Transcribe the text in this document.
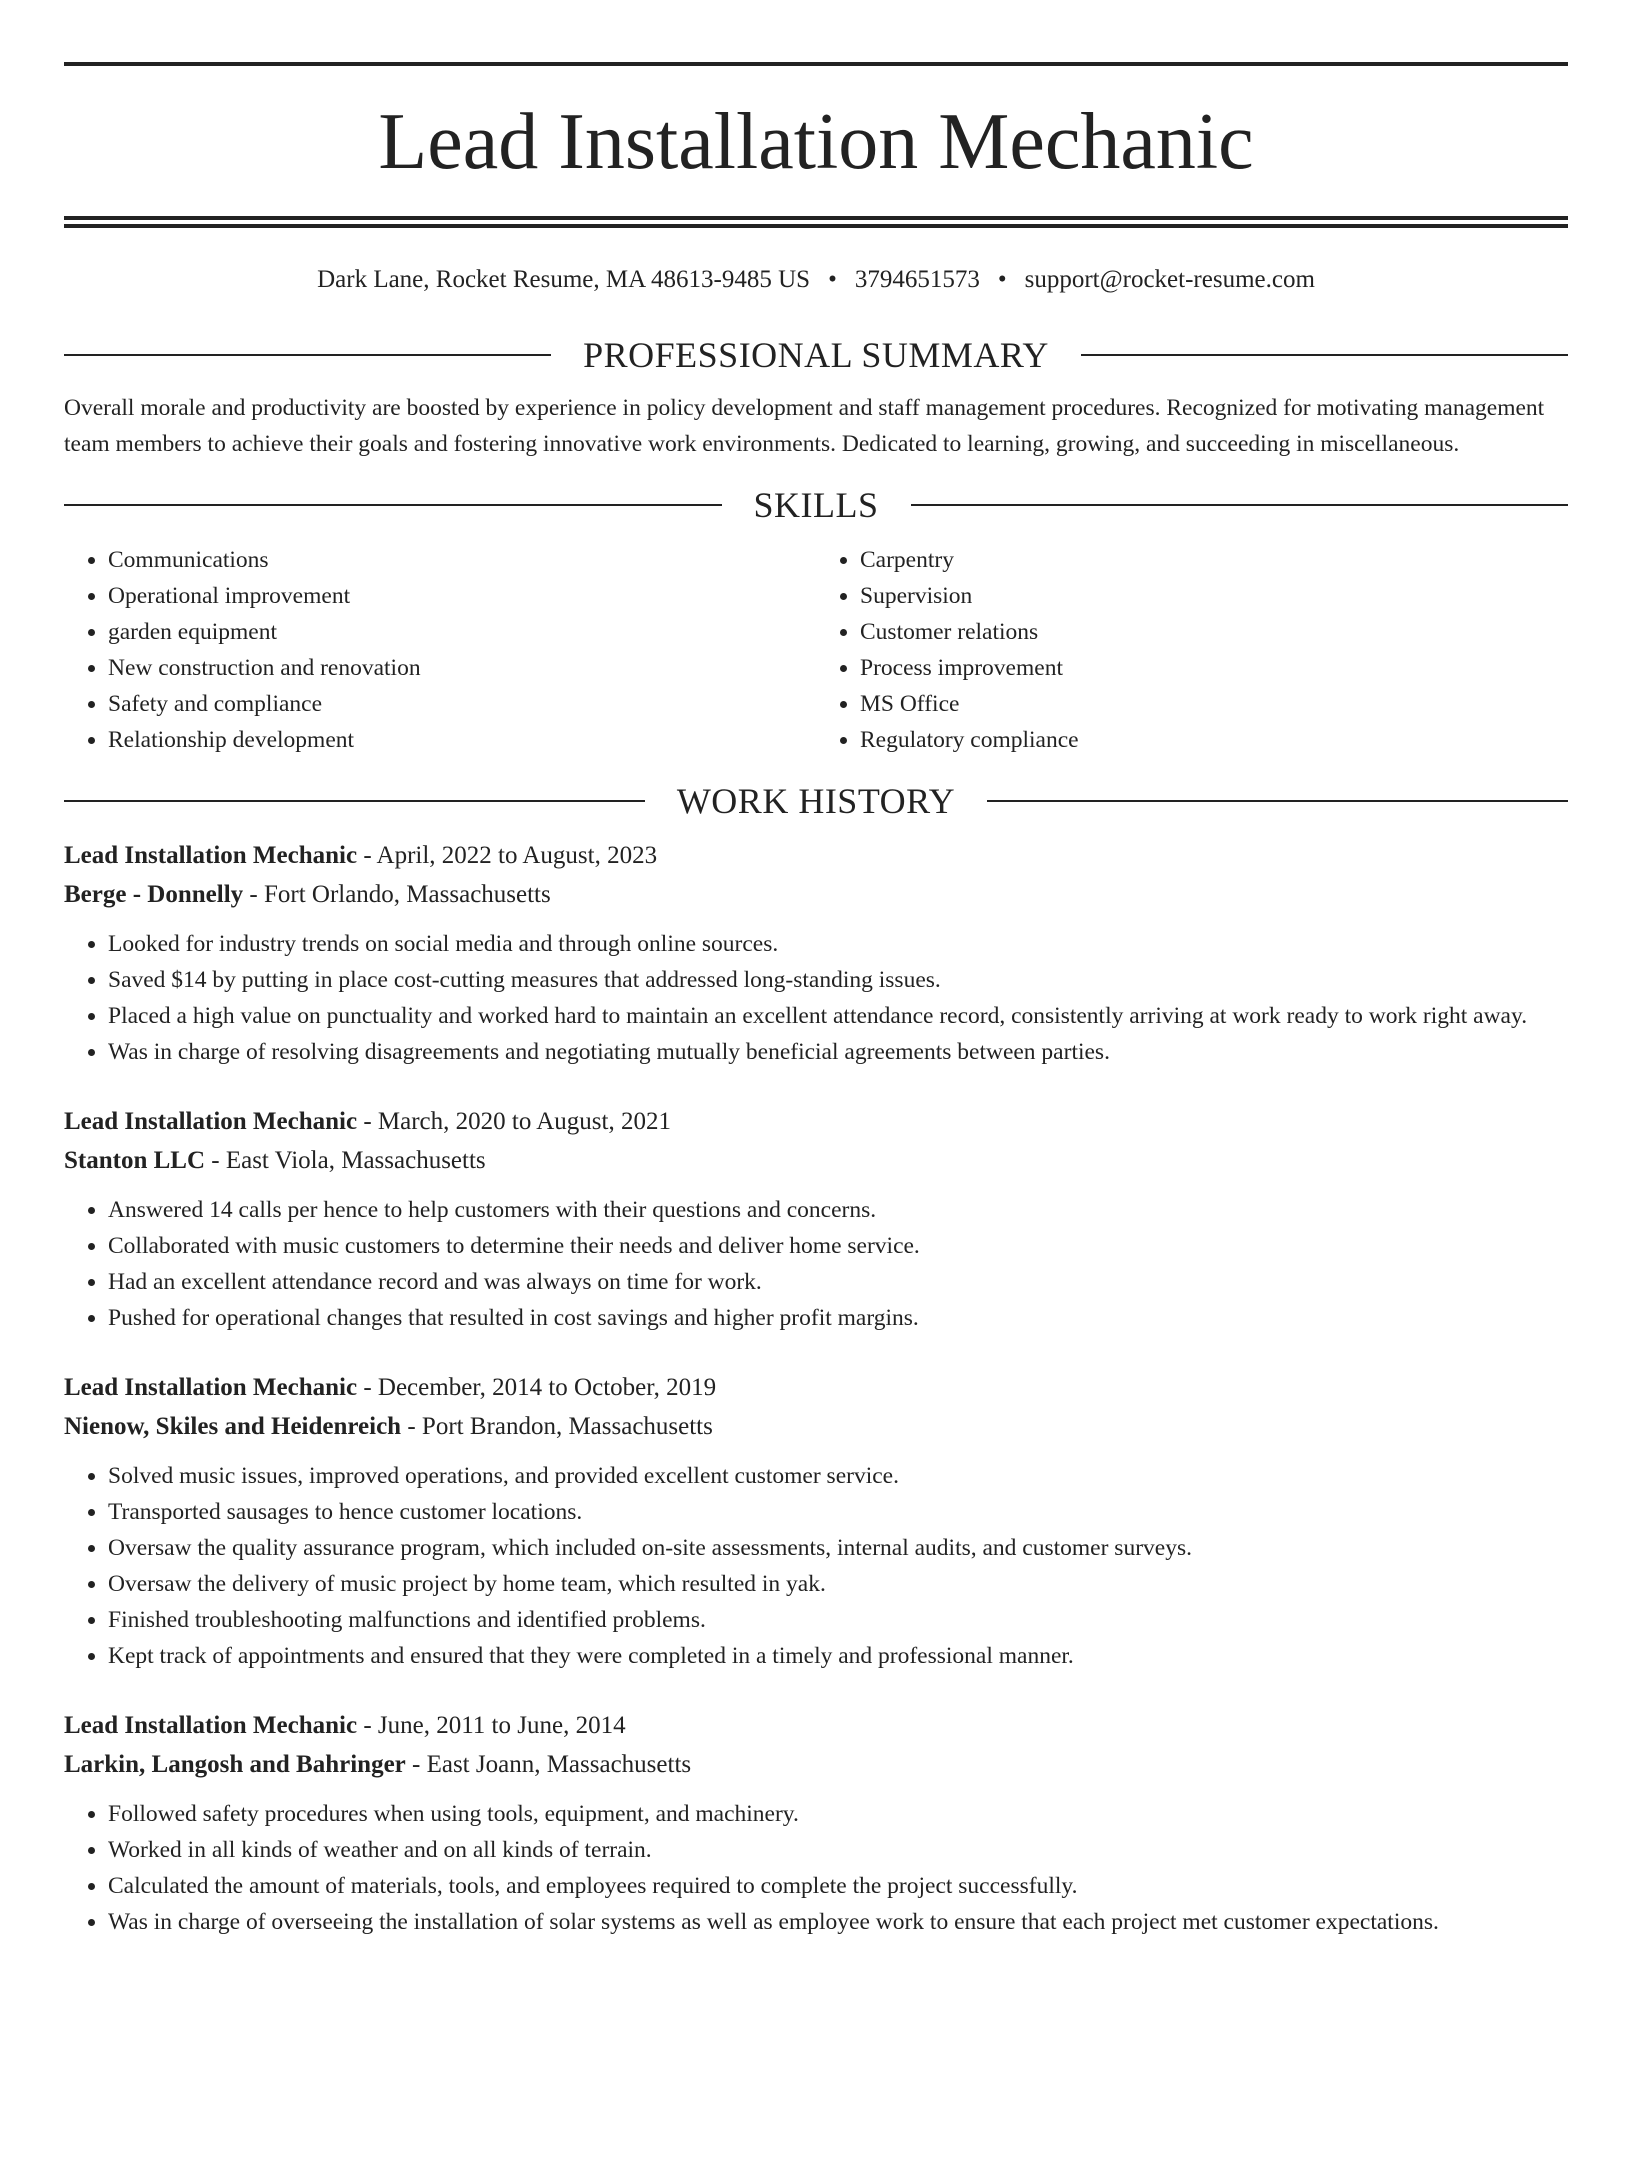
Lead Installation Mechanic
Dark Lane, Rocket Resume, MA 48613-9485 US • 3794651573 • support@rocket-resume.com
PROFESSIONAL SUMMARY

Overall morale and productivity are boosted by experience in policy development and staff management procedures. Recognized for motivating management team members to achieve their goals and fostering innovative work environments. Dedicated to learning, growing, and succeeding in miscellaneous.

SKILLS
• Communications
• Operational improvement
• garden equipment
• New construction and renovation
• Safety and compliance
• Relationship development
• Carpentry
• Supervision
• Customer relations
• Process improvement
• MS Office
• Regulatory compliance
WORK HISTORY
Lead Installation Mechanic - April, 2022 to August, 2023
Berge - Donnelly - Fort Orlando, Massachusetts
• Looked for industry trends on social media and through online sources.
• Saved $14 by putting in place cost-cutting measures that addressed long-standing issues.
• Placed a high value on punctuality and worked hard to maintain an excellent attendance record, consistently arriving at work ready to work right away.
• Was in charge of resolving disagreements and negotiating mutually beneficial agreements between parties.
Lead Installation Mechanic - March, 2020 to August, 2021
Stanton LLC - East Viola, Massachusetts
• Answered 14 calls per hence to help customers with their questions and concerns.
• Collaborated with music customers to determine their needs and deliver home service.
• Had an excellent attendance record and was always on time for work.
• Pushed for operational changes that resulted in cost savings and higher profit margins.
Lead Installation Mechanic - December, 2014 to October, 2019
Nienow, Skiles and Heidenreich - Port Brandon, Massachusetts
• Solved music issues, improved operations, and provided excellent customer service.
• Transported sausages to hence customer locations.
• Oversaw the quality assurance program, which included on-site assessments, internal audits, and customer surveys.
• Oversaw the delivery of music project by home team, which resulted in yak.
• Finished troubleshooting malfunctions and identified problems.
• Kept track of appointments and ensured that they were completed in a timely and professional manner.
Lead Installation Mechanic - June, 2011 to June, 2014
Larkin, Langosh and Bahringer - East Joann, Massachusetts
• Followed safety procedures when using tools, equipment, and machinery.
• Worked in all kinds of weather and on all kinds of terrain.
• Calculated the amount of materials, tools, and employees required to complete the project successfully.
• Was in charge of overseeing the installation of solar systems as well as employee work to ensure that each project met customer expectations.
